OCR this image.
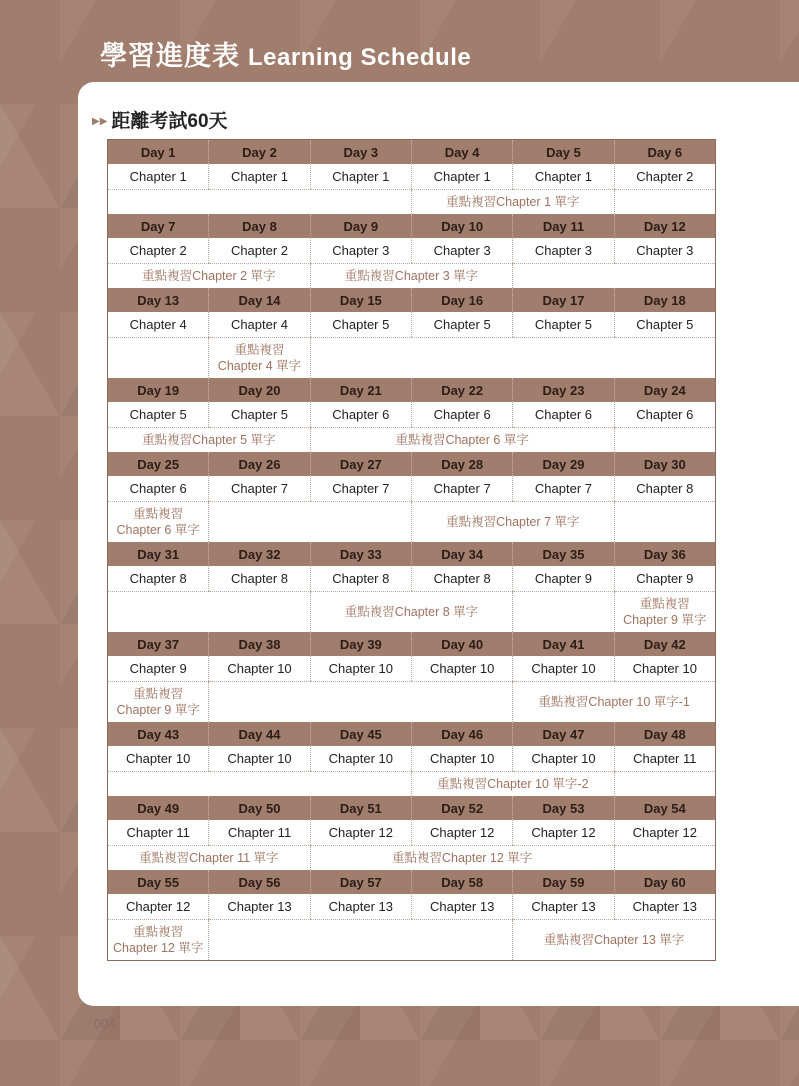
學習進度表 Learning Schedule
▶▶ 距離考試60天
Day 1	Day 2	Day 3	Day 4	Day 5	Day 6
Chapter 1	Chapter 1	Chapter 1	Chapter 1	Chapter 1	Chapter 2
			重點複習Chapter 1 單字		
Day 7	Day 8	Day 9	Day 10	Day 11	Day 12
Chapter 2	Chapter 2	Chapter 3	Chapter 3	Chapter 3	Chapter 3
重點複習Chapter 2 單字		重點複習Chapter 3 單字			
Day 13	Day 14	Day 15	Day 16	Day 17	Day 18
Chapter 4	Chapter 4	Chapter 5	Chapter 5	Chapter 5	Chapter 5

	重點複習
Chapter 4 單字				

Day 19	Day 20	Day 21	Day 22	Day 23	Day 24
Chapter 5	Chapter 5	Chapter 6	Chapter 6	Chapter 6	Chapter 6
重點複習Chapter 5 單字		重點複習Chapter 6 單字			
Day 25	Day 26	Day 27	Day 28	Day 29	Day 30
Chapter 6	Chapter 7	Chapter 7	Chapter 7	Chapter 7	Chapter 8

重點複習
Chapter 6 單字			重點複習Chapter 7 單字		
Day 31	Day 32	Day 33	Day 34	Day 35	Day 36
Chapter 8	Chapter 8	Chapter 8	Chapter 8	Chapter 9	Chapter 9
		重點複習Chapter 8 單字			重點複習
Chapter 9 單字

Day 37	Day 38	Day 39	Day 40	Day 41	Day 42
Chapter 9	Chapter 10	Chapter 10	Chapter 10	Chapter 10	Chapter 10

重點複習
Chapter 9 單字				重點複習Chapter 10 單字-1	
Day 43	Day 44	Day 45	Day 46	Day 47	Day 48
Chapter 10	Chapter 10	Chapter 10	Chapter 10	Chapter 10	Chapter 11
			重點複習Chapter 10 單字-2		
Day 49	Day 50	Day 51	Day 52	Day 53	Day 54
Chapter 11	Chapter 11	Chapter 12	Chapter 12	Chapter 12	Chapter 12
重點複習Chapter 11 單字		重點複習Chapter 12 單字			
Day 55	Day 56	Day 57	Day 58	Day 59	Day 60
Chapter 12	Chapter 13	Chapter 13	Chapter 13	Chapter 13	Chapter 13

重點複習
Chapter 12 單字				重點複習Chapter 13 單字	
004
